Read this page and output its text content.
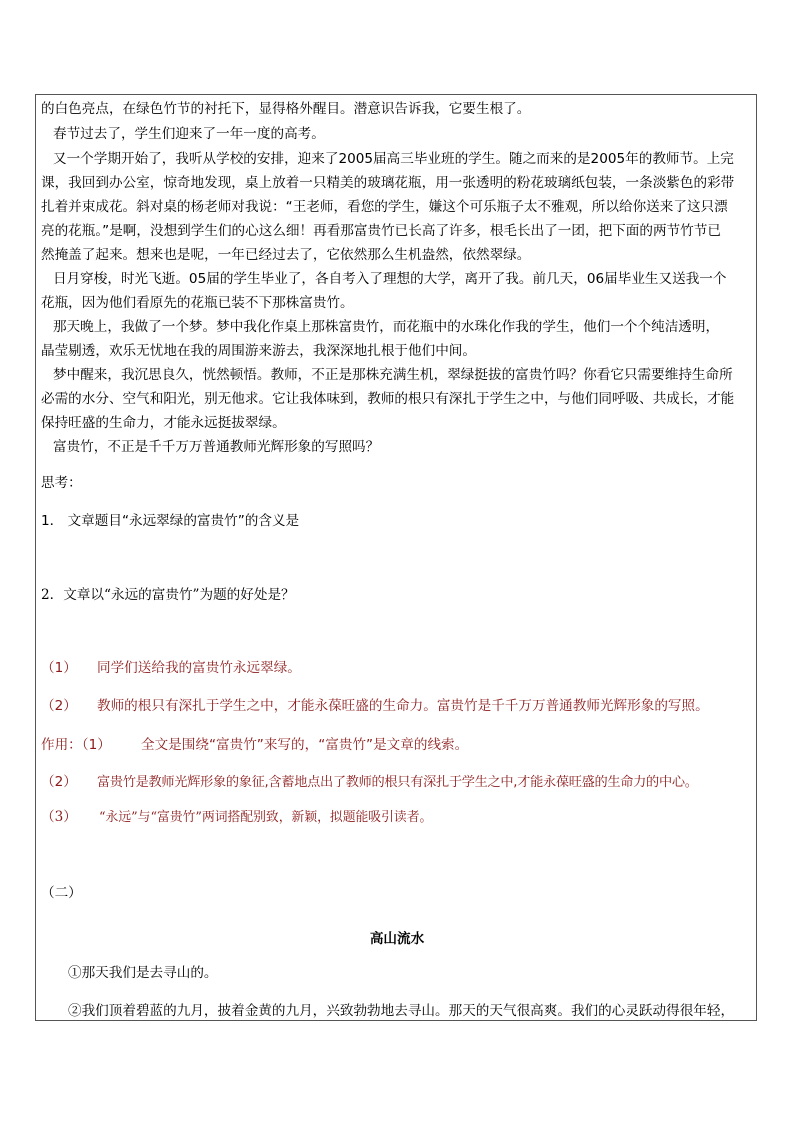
的白色亮点，在绿色竹节的衬托下，显得格外醒目。潜意识告诉我，它要生根了。
春节过去了，学生们迎来了一年一度的高考。
又一个学期开始了，我听从学校的安排，迎来了2005届高三毕业班的学生。随之而来的是2005年的教师节。上完
课，我回到办公室，惊奇地发现，桌上放着一只精美的玻璃花瓶，用一张透明的粉花玻璃纸包装，一条淡紫色的彩带
扎着并束成花。斜对桌的杨老师对我说：“王老师，看您的学生，嫌这个可乐瓶子太不雅观，所以给你送来了这只漂
亮的花瓶。”是啊，没想到学生们的心这么细！再看那富贵竹已长高了许多，根毛长出了一团，把下面的两节竹节已
然掩盖了起来。想来也是呢，一年已经过去了，它依然那么生机盎然，依然翠绿。
日月穿梭，时光飞逝。05届的学生毕业了，各自考入了理想的大学，离开了我。前几天，06届毕业生又送我一个
花瓶，因为他们看原先的花瓶已装不下那株富贵竹。
那天晚上，我做了一个梦。梦中我化作桌上那株富贵竹，而花瓶中的水珠化作我的学生，他们一个个纯洁透明，
晶莹剔透，欢乐无忧地在我的周围游来游去，我深深地扎根于他们中间。
梦中醒来，我沉思良久，恍然顿悟。教师，不正是那株充满生机，翠绿挺拔的富贵竹吗？你看它只需要维持生命所
必需的水分、空气和阳光，别无他求。它让我体味到，教师的根只有深扎于学生之中，与他们同呼吸、共成长，才能
保持旺盛的生命力，才能永远挺拔翠绿。
富贵竹，不正是千千万万普通教师光辉形象的写照吗？
思考：
1． 文章题目“永远翠绿的富贵竹”的含义是
2．文章以“永远的富贵竹”为题的好处是？
（1） 同学们送给我的富贵竹永远翠绿。
（2） 教师的根只有深扎于学生之中，才能永葆旺盛的生命力。富贵竹是千千万万普通教师光辉形象的写照。
作用：（1） 全文是围绕“富贵竹”来写的，“富贵竹”是文章的线索。
（2） 富贵竹是教师光辉形象的象征,含蓄地点出了教师的根只有深扎于学生之中,才能永葆旺盛的生命力的中心。
（3） “永远”与“富贵竹”两词搭配别致，新颖，拟题能吸引读者。
（二）
高山流水
①那天我们是去寻山的。
②我们顶着碧蓝的九月，披着金黄的九月，兴致勃勃地去寻山。那天的天气很高爽。我们的心灵跃动得很年轻，
